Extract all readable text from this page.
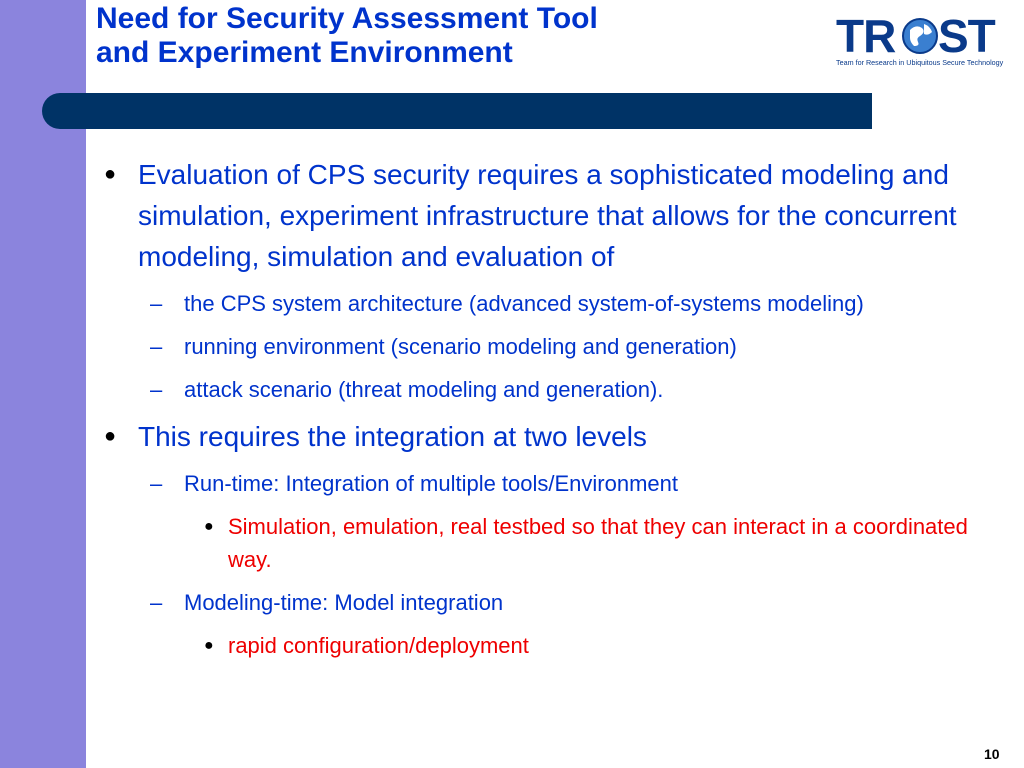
Need for Security Assessment Tool
and Experiment Environment	TR ST
Team for Research in Ubiquitous Secure Technology
● Evaluation of CPS security requires a sophisticated modeling and simulation, experiment infrastructure that allows for the concurrent modeling, simulation and evaluation of
– the CPS system architecture (advanced system-of-systems modeling)
– running environment (scenario modeling and generation)
– attack scenario (threat modeling and generation).
● This requires the integration at two levels
– Run-time: Integration of multiple tools/Environment
● Simulation, emulation, real testbed so that they can interact in a coordinated way.
– Modeling-time: Model integration
● rapid configuration/deployment
10
